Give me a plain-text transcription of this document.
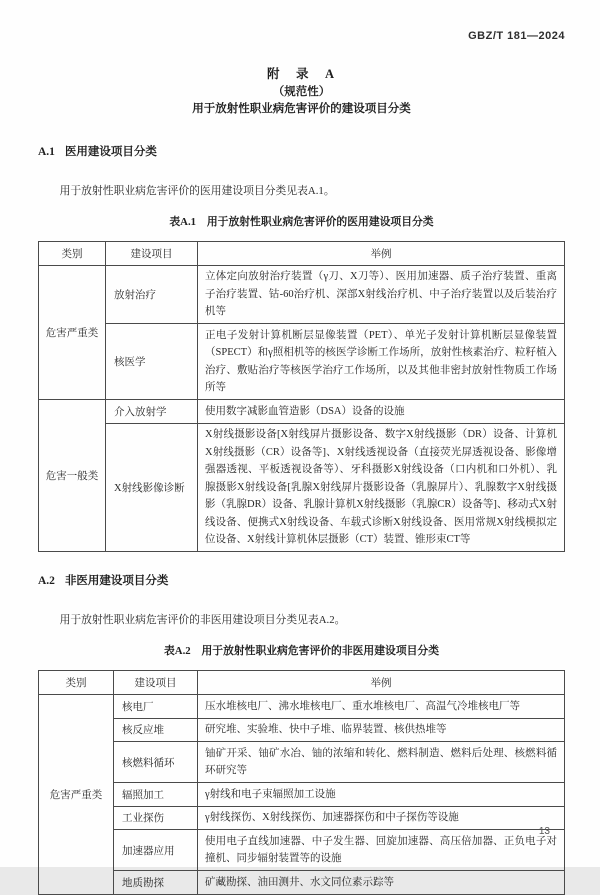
GBZ/T 181—2024
附　录　A
（规范性）
用于放射性职业病危害评价的建设项目分类
A.1 医用建设项目分类

用于放射性职业病危害评价的医用建设项目分类见表A.1。

表A.1　用于放射性职业病危害评价的医用建设项目分类
类别	建设项目	举例
危害严重类	放射治疗	立体定向放射治疗装置（γ刀、X刀等）、医用加速器、质子治疗装置、重离子治疗装置、钴-60治疗机、深部X射线治疗机、中子治疗装置以及后装治疗机等
	核医学	正电子发射计算机断层显像装置（PET）、单光子发射计算机断层显像装置（SPECT）和γ照相机等的核医学诊断工作场所，放射性核素治疗、粒籽植入治疗、敷贴治疗等核医学治疗工作场所，以及其他非密封放射性物质工作场所等
危害一般类	介入放射学	使用数字减影血管造影（DSA）设备的设施
	X射线影像诊断	X射线摄影设备[X射线屏片摄影设备、数字X射线摄影（DR）设备、计算机X射线摄影（CR）设备等]、X射线透视设备（直接荧光屏透视设备、影像增强器透视、平板透视设备等）、牙科摄影X射线设备（口内机和口外机）、乳腺摄影X射线设备[乳腺X射线屏片摄影设备（乳腺屏片）、乳腺数字X射线摄影（乳腺DR）设备、乳腺计算机X射线摄影（乳腺CR）设备等]、移动式X射线设备、便携式X射线设备、车载式诊断X射线设备、医用常规X射线模拟定位设备、X射线计算机体层摄影（CT）装置、锥形束CT等
A.2 非医用建设项目分类

用于放射性职业病危害评价的非医用建设项目分类见表A.2。

表A.2　用于放射性职业病危害评价的非医用建设项目分类
类别	建设项目	举例
危害严重类	核电厂	压水堆核电厂、沸水堆核电厂、重水堆核电厂、高温气冷堆核电厂等
	核反应堆	研究堆、实验堆、快中子堆、临界装置、核供热堆等
	核燃料循环	铀矿开采、铀矿水冶、铀的浓缩和转化、燃料制造、燃料后处理、核燃料循环研究等
	辐照加工	γ射线和电子束辐照加工设施
	工业探伤	γ射线探伤、X射线探伤、加速器探伤和中子探伤等设施
	加速器应用	使用电子直线加速器、中子发生器、回旋加速器、高压倍加器、正负电子对撞机、同步辐射装置等的设施
	地质勘探	矿藏勘探、油田测井、水文同位素示踪等
13
